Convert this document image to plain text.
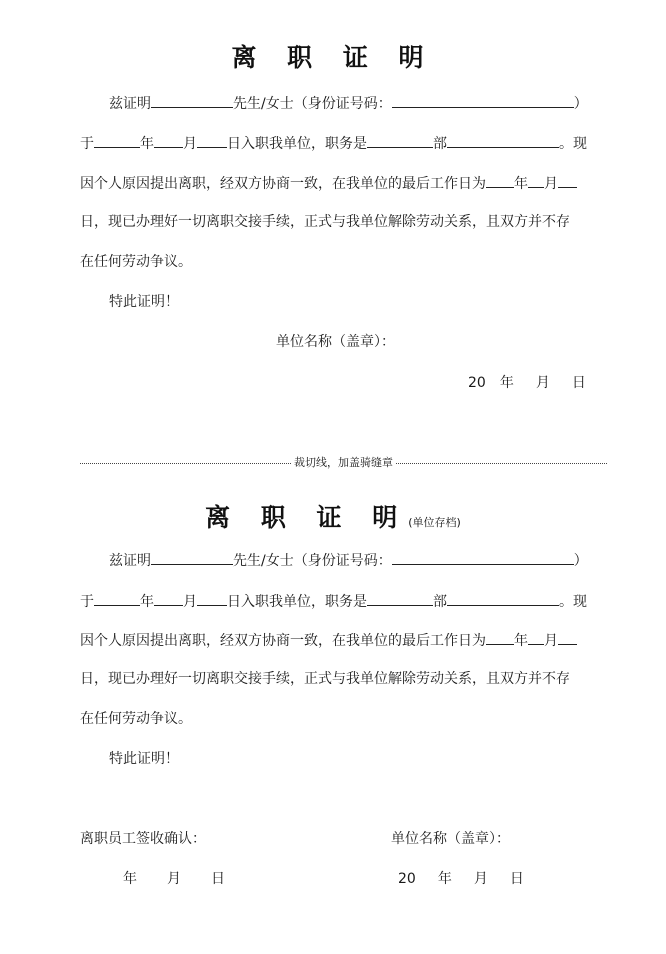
离 职 证 明
兹证明	先生/女士（身份证号码：	）
于	年 月 日入职我单位，职务是	部	。现
因个人原因提出离职，经双方协商一致，在我单位的最后工作日为 年 月
日，现已办理好一切离职交接手续，正式与我单位解除劳动关系，且双方并不存
在任何劳动争议。
特此证明！
单位名称（盖章）：
20 年 月 日
裁切线，加盖骑缝章
离 职 证 明(单位存档)
兹证明	先生/女士（身份证号码：	）
于	年 月 日入职我单位，职务是	部	。现
因个人原因提出离职，经双方协商一致，在我单位的最后工作日为 年 月
日，现已办理好一切离职交接手续，正式与我单位解除劳动关系，且双方并不存
在任何劳动争议。
特此证明！
离职员工签收确认：	单位名称（盖章）：
年 月 日	20 年 月 日
